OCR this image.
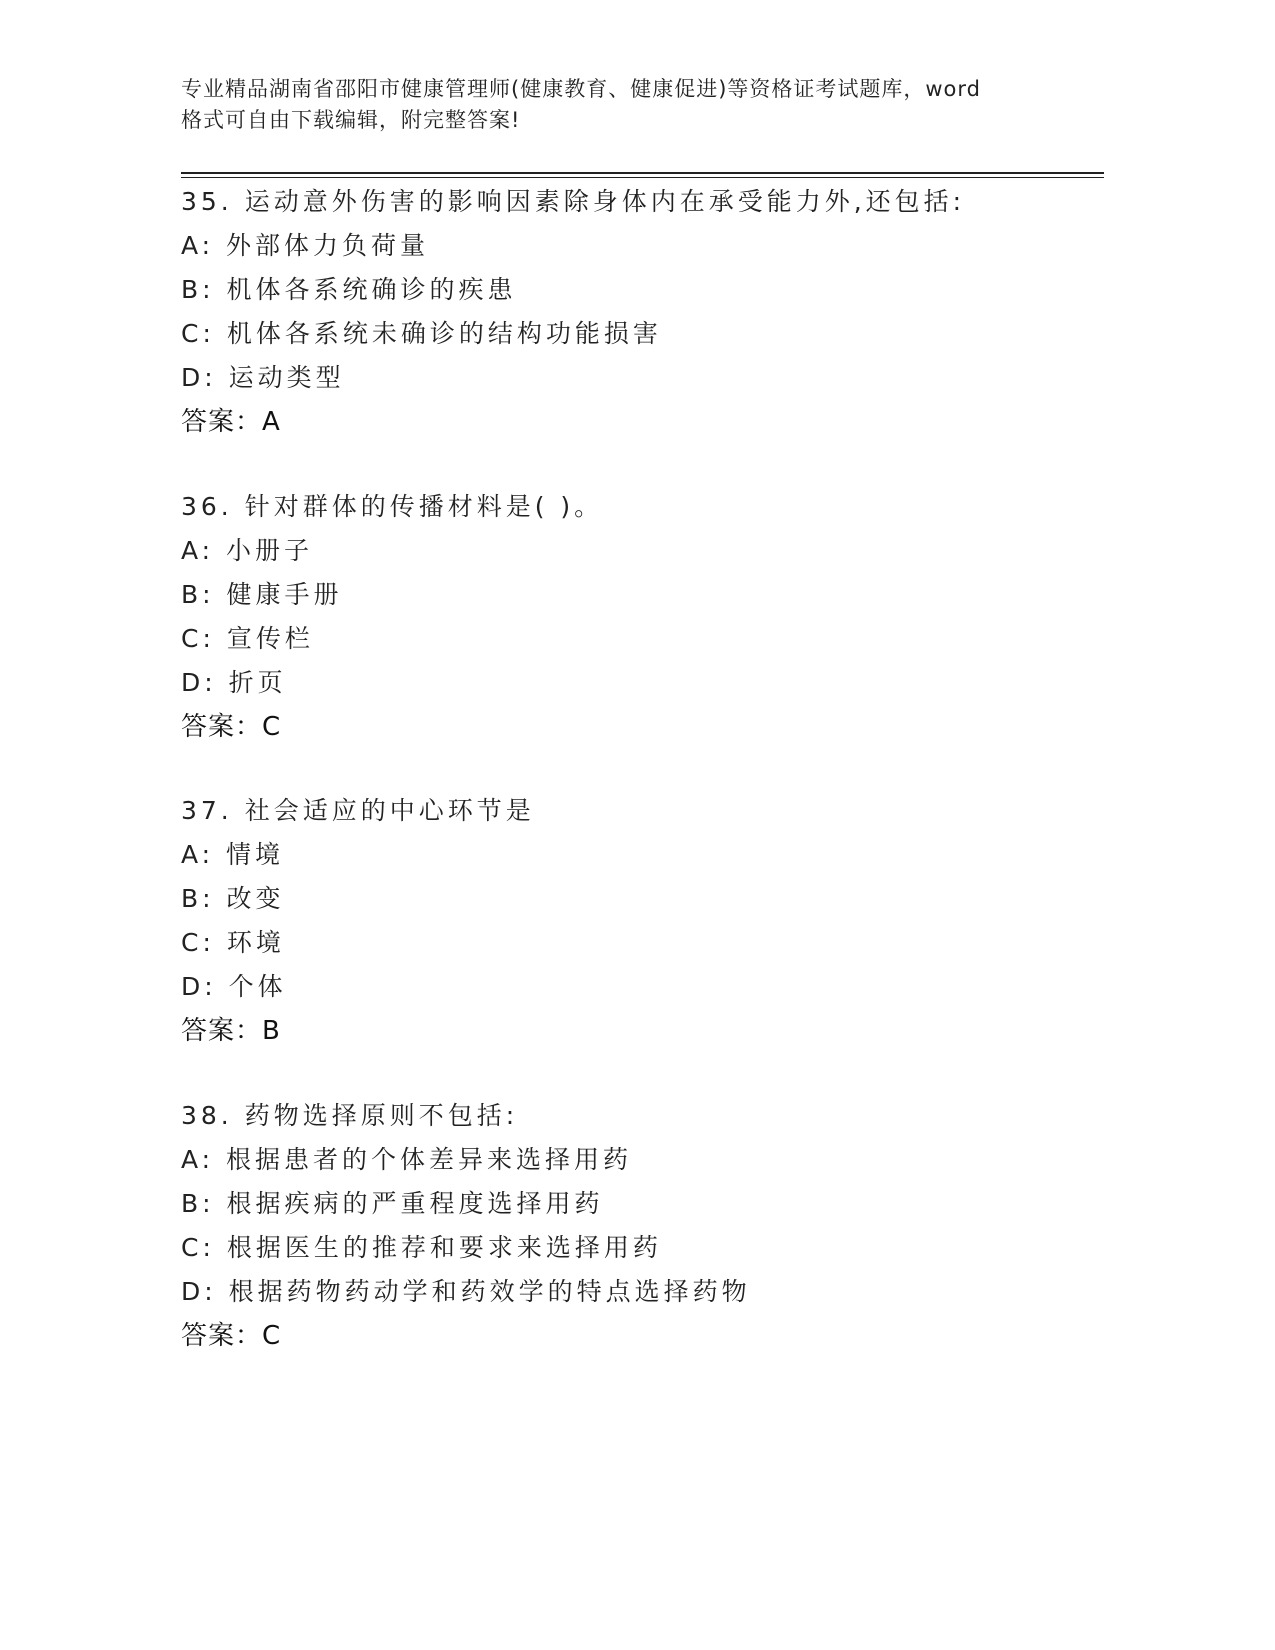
专业精品湖南省邵阳市健康管理师(健康教育、健康促进)等资格证考试题库，word
格式可自由下载编辑，附完整答案!
35. 运动意外伤害的影响因素除身体内在承受能力外,还包括:
A: 外部体力负荷量
B: 机体各系统确诊的疾患
C: 机体各系统未确诊的结构功能损害
D: 运动类型
答案：A
36. 针对群体的传播材料是( )。
A: 小册子
B: 健康手册
C: 宣传栏
D: 折页
答案：C
37. 社会适应的中心环节是
A: 情境
B: 改变
C: 环境
D: 个体
答案：B
38. 药物选择原则不包括:
A: 根据患者的个体差异来选择用药
B: 根据疾病的严重程度选择用药
C: 根据医生的推荐和要求来选择用药
D: 根据药物药动学和药效学的特点选择药物
答案：C
